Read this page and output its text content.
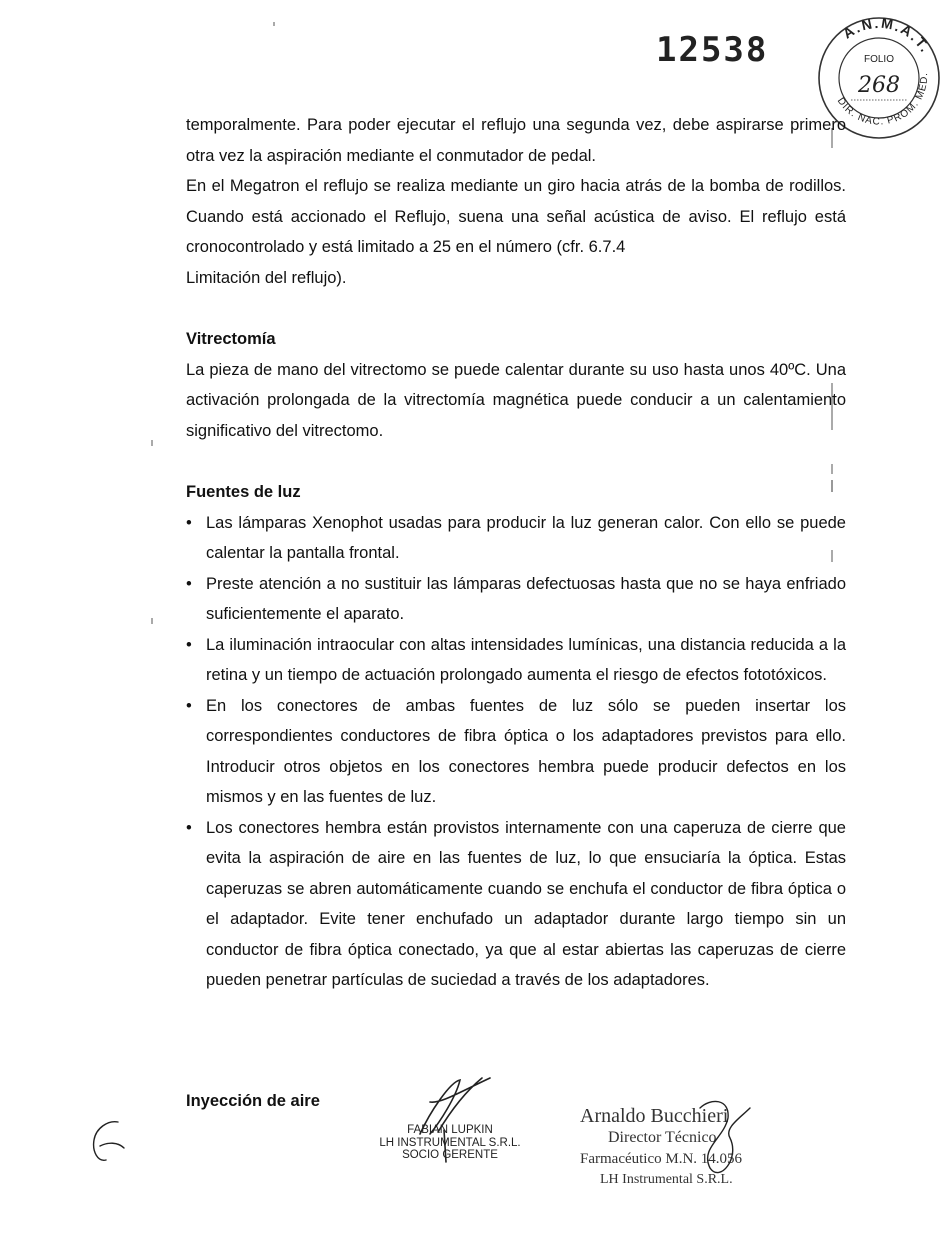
12538	A.N.M.A.T.
DIR. NAC. PROM. MED.
FOLIO
268

temporalmente. Para poder ejecutar el reflujo una segunda vez, debe aspirarse primero otra vez la aspiración mediante el conmutador de pedal.

En el Megatron el reflujo se realiza mediante un giro hacia atrás de la bomba de rodillos. Cuando está accionado el Reflujo, suena una señal acústica de aviso. El reflujo está cronocontrolado y está limitado a 25 en el número (cfr. 6.7.4

Limitación del reflujo).

Vitrectomía

La pieza de mano del vitrectomo se puede calentar durante su uso hasta unos 40ºC. Una activación prolongada de la vitrectomía magnética puede conducir a un calentamiento significativo del vitrectomo.

Fuentes de luz

• Las lámparas Xenophot usadas para producir la luz generan calor. Con ello se puede calentar la pantalla frontal.
• Preste atención a no sustituir las lámparas defectuosas hasta que no se haya enfriado suficientemente el aparato.
• La iluminación intraocular con altas intensidades lumínicas, una distancia reducida a la retina y un tiempo de actuación prolongado aumenta el riesgo de efectos fototóxicos.
• En los conectores de ambas fuentes de luz sólo se pueden insertar los correspondientes conductores de fibra óptica o los adaptadores previstos para ello. Introducir otros objetos en los conectores hembra puede producir defectos en los mismos y en las fuentes de luz.
• Los conectores hembra están provistos internamente con una caperuza de cierre que evita la aspiración de aire en las fuentes de luz, lo que ensuciaría la óptica. Estas caperuzas se abren automáticamente cuando se enchufa el conductor de fibra óptica o el adaptador. Evite tener enchufado un adaptador durante largo tiempo sin un conductor de fibra óptica conectado, ya que al estar abiertas las caperuzas de cierre pueden penetrar partículas de suciedad a través de los adaptadores.
Inyección de aire
FABIAN LUPKIN
LH INSTRUMENTAL S.R.L.
SOCIO GERENTE
Arnaldo Bucchieri
Director Técnico
Farmacéutico M.N. 14.056
LH Instrumental S.R.L.
